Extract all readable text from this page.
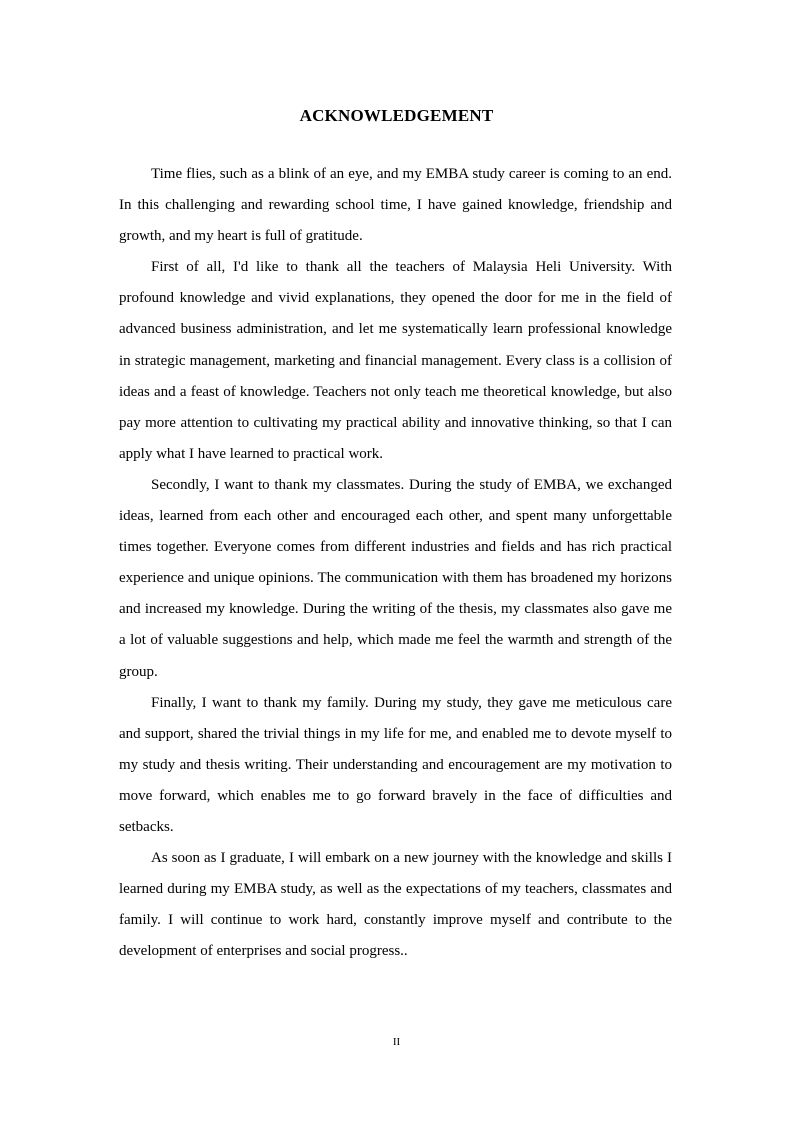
ACKNOWLEDGEMENT

Time flies, such as a blink of an eye, and my EMBA study career is coming to an end. In this challenging and rewarding school time, I have gained knowledge, friendship and growth, and my heart is full of gratitude.

First of all, I'd like to thank all the teachers of Malaysia Heli University. With profound knowledge and vivid explanations, they opened the door for me in the field of advanced business administration, and let me systematically learn professional knowledge in strategic management, marketing and financial management. Every class is a collision of ideas and a feast of knowledge. Teachers not only teach me theoretical knowledge, but also pay more attention to cultivating my practical ability and innovative thinking, so that I can apply what I have learned to practical work.

Secondly, I want to thank my classmates. During the study of EMBA, we exchanged ideas, learned from each other and encouraged each other, and spent many unforgettable times together. Everyone comes from different industries and fields and has rich practical experience and unique opinions. The communication with them has broadened my horizons and increased my knowledge. During the writing of the thesis, my classmates also gave me a lot of valuable suggestions and help, which made me feel the warmth and strength of the group.

Finally, I want to thank my family. During my study, they gave me meticulous care and support, shared the trivial things in my life for me, and enabled me to devote myself to my study and thesis writing. Their understanding and encouragement are my motivation to move forward, which enables me to go forward bravely in the face of difficulties and setbacks.

As soon as I graduate, I will embark on a new journey with the knowledge and skills I learned during my EMBA study, as well as the expectations of my teachers, classmates and family. I will continue to work hard, constantly improve myself and contribute to the development of enterprises and social progress..

II
